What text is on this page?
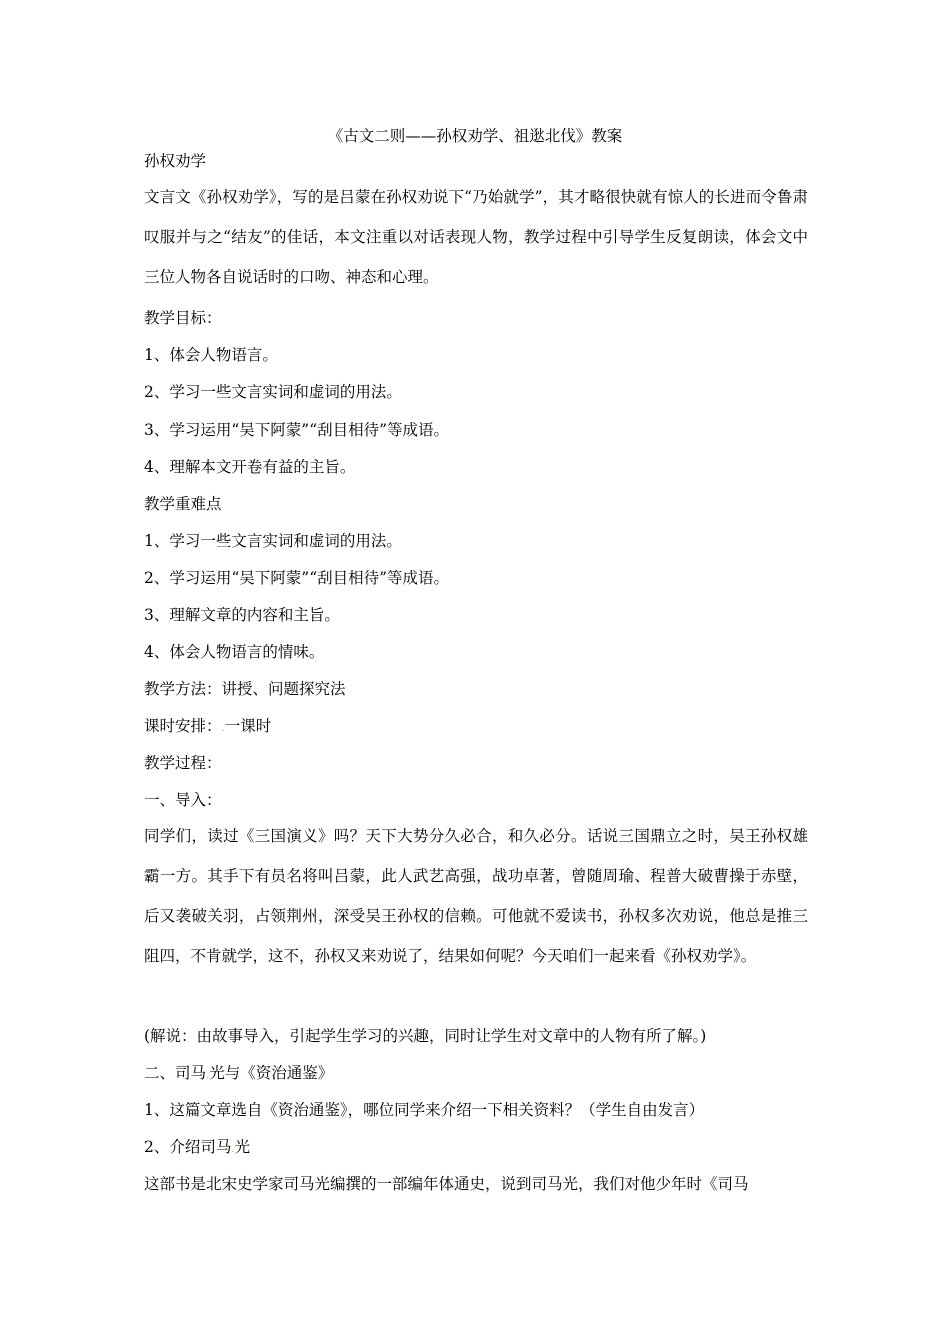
《古文二则——孙权劝学、祖逖北伐》教案
孙权劝学
文言文《孙权劝学》，写的是吕蒙在孙权劝说下“乃始就学”，其才略很快就有惊人的长进而令鲁肃叹服并与之“结友”的佳话，本文注重以对话表现人物，教学过程中引导学生反复朗读，体会文中三位人物各自说话时的口吻、神态和心理。
教学目标：
1、体会人物语言。
2、学习一些文言实词和虚词的用法。
3、学习运用“吴下阿蒙”“刮目相待”等成语。
4、理解本文开卷有益的主旨。
教学重难点
1、学习一些文言实词和虚词的用法。
2、学习运用“吴下阿蒙”“刮目相待”等成语。
3、理解文章的内容和主旨。
4、体会人物语言的情味。
教学方法：讲授、问题探究法
课时安排：.一课时
教学过程：
一、导入：
同学们，读过《三国演义》吗？天下大势分久必合，和久必分。话说三国鼎立之时，吴王孙权雄霸一方。其手下有员名将叫吕蒙，此人武艺高强，战功卓著，曾随周瑜、程普大破曹操于赤壁，后又袭破关羽，占领荆州，深受吴王孙权的信赖。可他就不爱读书，孙权多次劝说，他总是推三阻四，不肯就学，这不，孙权又来劝说了，结果如何呢？今天咱们一起来看《孙权劝学》。
(解说：由故事导入，引起学生学习的兴趣，同时让学生对文章中的人物有所了解。)
二、司马.光与《资治通鉴》
1、这篇文章选自《资治通鉴》，哪位同学来介绍一下相关资料？（学生自由发言）
2、介绍司马.光
这部书是北宋史学家司马光编撰的一部编年体通史，说到司马光，我们对他少年时《司马
